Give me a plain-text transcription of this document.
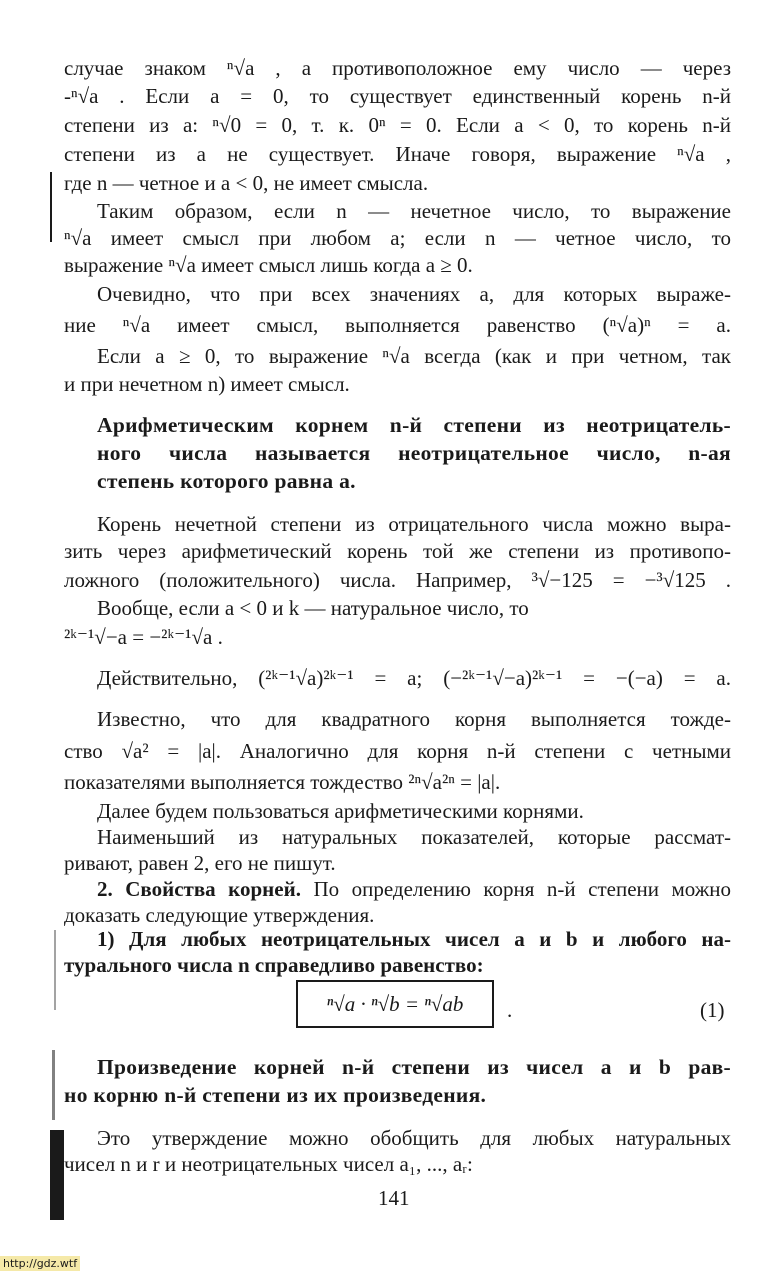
случае знаком ⁿ√a , а противоположное ему число — через
-ⁿ√a . Если a = 0, то существует единственный корень n-й
степени из a: ⁿ√0 = 0, т. к. 0ⁿ = 0. Если a < 0, то корень n-й
степени из a не существует. Иначе говоря, выражение ⁿ√a ,
где n — четное и a < 0, не имеет смысла.
Таким образом, если n — нечетное число, то выражение
ⁿ√a имеет смысл при любом a; если n — четное число, то
выражение ⁿ√a имеет смысл лишь когда a ≥ 0.
Очевидно, что при всех значениях a, для которых выраже-
ние ⁿ√a имеет смысл, выполняется равенство (ⁿ√a)ⁿ = a.
Если a ≥ 0, то выражение ⁿ√a всегда (как и при четном, так
и при нечетном n) имеет смысл.
Арифметическим корнем n-й степени из неотрицатель-
ного числа называется неотрицательное число, n-ая
степень которого равна a.
Корень нечетной степени из отрицательного числа можно выра-
зить через арифметический корень той же степени из противопо-
ложного (положительного) числа. Например, ³√−125 = −³√125 .
Вообще, если a < 0 и k — натуральное число, то
²ᵏ⁻¹√−a = −²ᵏ⁻¹√a .
Действительно, (²ᵏ⁻¹√a)²ᵏ⁻¹ = a; (−²ᵏ⁻¹√−a)²ᵏ⁻¹ = −(−a) = a.
Известно, что для квадратного корня выполняется тожде-
ство √a² = |a|. Аналогично для корня n-й степени с четными
показателями выполняется тождество ²ⁿ√a²ⁿ = |a|.
Далее будем пользоваться арифметическими корнями.
Наименьший из натуральных показателей, которые рассмат-
ривают, равен 2, его не пишут.
2. Свойства корней. По определению корня n-й степени можно
доказать следующие утверждения.
1) Для любых неотрицательных чисел a и b и любого на-
турального числа n справедливо равенство:
ⁿ√a · ⁿ√b = ⁿ√ab	.	(1)
Произведение корней n-й степени из чисел a и b рав-
но корню n-й степени из их произведения.
Это утверждение можно обобщить для любых натуральных
чисел n и r и неотрицательных чисел a₁, ..., aᵣ:
141
http://gdz.wtf
